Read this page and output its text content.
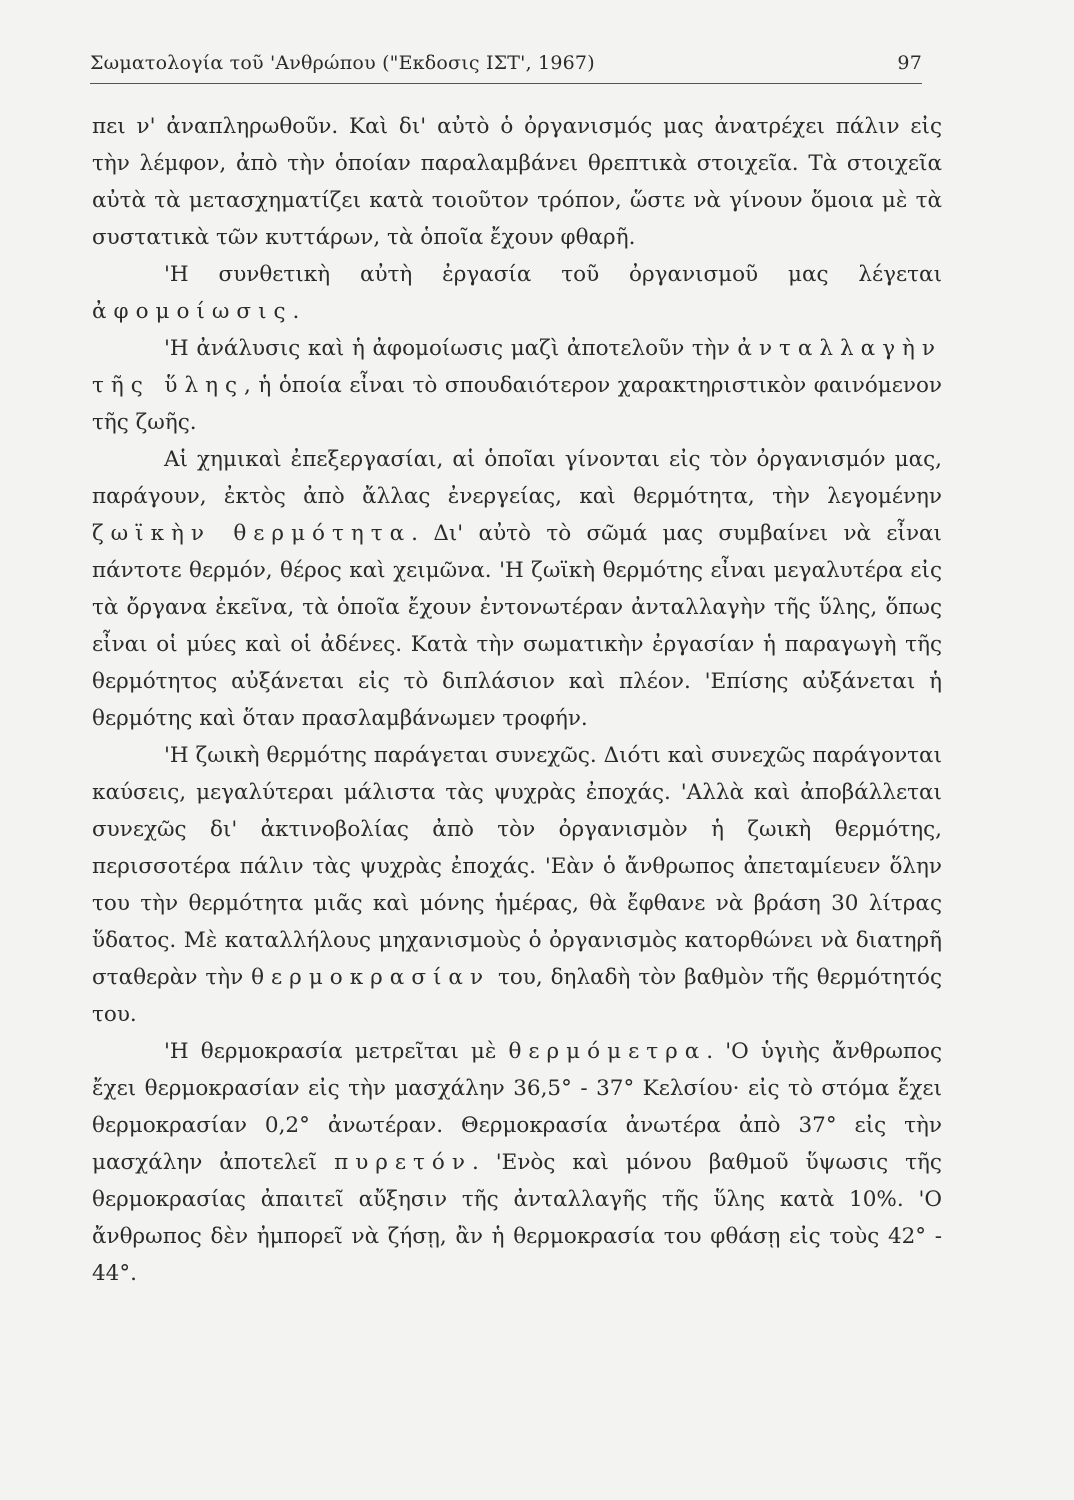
Σωματολογία τοῦ 'Ανθρώπου ("Εκδοσις ΙΣΤ', 1967)	97

πει ν' ἀναπληρωθοῦν. Καὶ δι' αὐτὸ ὁ ὀργανισμός μας ἀνατρέχει πάλιν εἰς τὴν λέμφον, ἀπὸ τὴν ὁποίαν παραλαμβάνει θρεπτικὰ στοιχεῖα. Τὰ στοιχεῖα αὐτὰ τὰ μετασχηματίζει κατὰ τοιοῦτον τρόπον, ὥστε νὰ γίνουν ὅμοια μὲ τὰ συστατικὰ τῶν κυττάρων, τὰ ὁποῖα ἔχουν φθαρῆ.

'Η συνθετικὴ αὐτὴ ἐργασία τοῦ ὀργανισμοῦ μας λέγεται ἀφομοίωσις.

'Η ἀνάλυσις καὶ ἡ ἀφομοίωσις μαζὶ ἀποτελοῦν τὴν ἀνταλλαγὴν τῆς ὕλης, ἡ ὁποία εἶναι τὸ σπουδαιότερον χαρακτηριστικὸν φαινόμενον τῆς ζωῆς.

Αἱ χημικαὶ ἐπεξεργασίαι, αἱ ὁποῖαι γίνονται εἰς τὸν ὀργανισμόν μας, παράγουν, ἐκτὸς ἀπὸ ἄλλας ἐνεργείας, καὶ θερμότητα, τὴν λεγομένην ζωϊκὴν θερμότητα. Δι' αὐτὸ τὸ σῶμά μας συμβαίνει νὰ εἶναι πάντοτε θερμόν, θέρος καὶ χειμῶνα. 'Η ζωϊκὴ θερμότης εἶναι μεγαλυτέρα εἰς τὰ ὄργανα ἐκεῖνα, τὰ ὁποῖα ἔχουν ἐντονωτέραν ἀνταλλαγὴν τῆς ὕλης, ὅπως εἶναι οἱ μύες καὶ οἱ ἀδένες. Κατὰ τὴν σωματικὴν ἐργασίαν ἡ παραγωγὴ τῆς θερμότητος αὐξάνεται εἰς τὸ διπλάσιον καὶ πλέον. 'Επίσης αὐξάνεται ἡ θερμότης καὶ ὅταν πρασλαμβάνωμεν τροφήν.

'Η ζωικὴ θερμότης παράγεται συνεχῶς. Διότι καὶ συνεχῶς παράγονται καύσεις, μεγαλύτεραι μάλιστα τὰς ψυχρὰς ἐποχάς. 'Αλλὰ καὶ ἀποβάλλεται συνεχῶς δι' ἀκτινοβολίας ἀπὸ τὸν ὀργανισμὸν ἡ ζωικὴ θερμότης, περισσοτέρα πάλιν τὰς ψυχρὰς ἐποχάς. 'Εὰν ὁ ἄνθρωπος ἀπεταμίευεν ὅλην του τὴν θερμότητα μιᾶς καὶ μόνης ἡμέρας, θὰ ἔφθανε νὰ βράση 30 λίτρας ὕδατος. Μὲ καταλλήλους μηχανισμοὺς ὁ ὀργανισμὸς κατορθώνει νὰ διατηρῆ σταθερὰν τὴν θερμοκρασίαν του, δηλαδὴ τὸν βαθμὸν τῆς θερμότητός του.

'Η θερμοκρασία μετρεῖται μὲ θερμόμετρα. 'Ο ὑγιὴς ἄνθρωπος ἔχει θερμοκρασίαν εἰς τὴν μασχάλην 36,5° - 37° Κελσίου· εἰς τὸ στόμα ἔχει θερμοκρασίαν 0,2° ἀνωτέραν. Θερμοκρασία ἀνωτέρα ἀπὸ 37° εἰς τὴν μασχάλην ἀποτελεῖ πυρετόν. 'Ενὸς καὶ μόνου βαθμοῦ ὕψωσις τῆς θερμοκρασίας ἀπαιτεῖ αὔξησιν τῆς ἀνταλλαγῆς τῆς ὕλης κατὰ 10%. 'Ο ἄνθρωπος δὲν ἠμπορεῖ νὰ ζήσῃ, ἂν ἡ θερμοκρασία του φθάσῃ εἰς τοὺς 42° - 44°.
